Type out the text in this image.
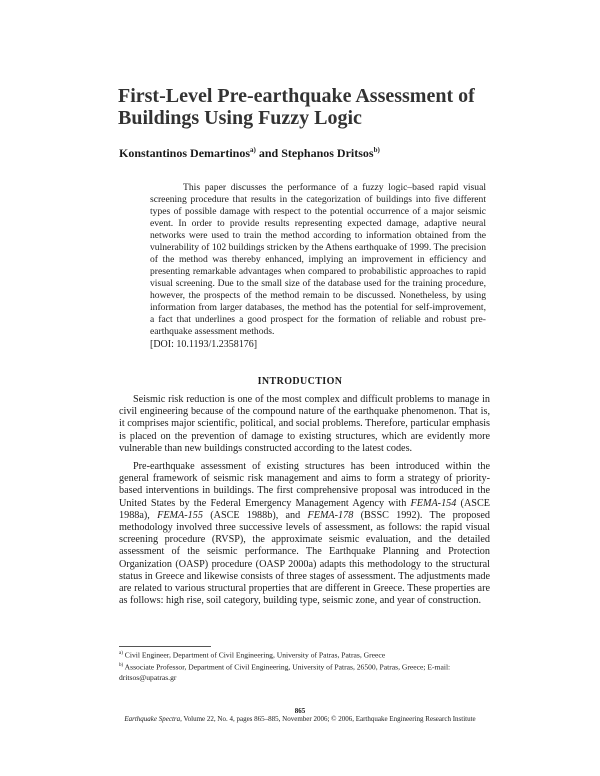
First-Level Pre-earthquake Assessment of Buildings Using Fuzzy Logic
Konstantinos Demartinos$^{a)}$ and Stephanos Dritsos$^{b)}$
This paper discusses the performance of a fuzzy logic–based rapid visual screening procedure that results in the categorization of buildings into five different types of possible damage with respect to the potential occurrence of a major seismic event. In order to provide results representing expected damage, adaptive neural networks were used to train the method according to information obtained from the vulnerability of 102 buildings stricken by the Athens earthquake of 1999. The precision of the method was thereby enhanced, implying an improvement in efficiency and presenting remarkable advantages when compared to probabilistic approaches to rapid visual screening. Due to the small size of the database used for the training procedure, however, the prospects of the method remain to be discussed. Nonetheless, by using information from larger databases, the method has the potential for self-improvement, a fact that underlines a good prospect for the formation of reliable and robust pre-earthquake assessment methods.
[DOI: 10.1193/1.2358176]
INTRODUCTION
Seismic risk reduction is one of the most complex and difficult problems to manage in civil engineering because of the compound nature of the earthquake phenomenon. That is, it comprises major scientific, political, and social problems. Therefore, particular emphasis is placed on the prevention of damage to existing structures, which are evidently more vulnerable than new buildings constructed according to the latest codes.
Pre-earthquake assessment of existing structures has been introduced within the general framework of seismic risk management and aims to form a strategy of priority-based interventions in buildings. The first comprehensive proposal was introduced in the United States by the Federal Emergency Management Agency with FEMA-154 (ASCE 1988a), FEMA-155 (ASCE 1988b), and FEMA-178 (BSSC 1992). The proposed methodology involved three successive levels of assessment, as follows: the rapid visual screening procedure (RVSP), the approximate seismic evaluation, and the detailed assessment of the seismic performance. The Earthquake Planning and Protection Organization (OASP) procedure (OASP 2000a) adapts this methodology to the structural status in Greece and likewise consists of three stages of assessment. The adjustments made are related to various structural properties that are different in Greece. These properties are as follows: high rise, soil category, building type, seismic zone, and year of construction.
$^{a)}$ Civil Engineer, Department of Civil Engineering, University of Patras, Patras, Greece
$^{b)}$ Associate Professor, Department of Civil Engineering, University of Patras, 26500, Patras, Greece; E-mail: dritsos@upatras.gr
865
Earthquake Spectra, Volume 22, No. 4, pages 865–885, November 2006; © 2006, Earthquake Engineering Research Institute
